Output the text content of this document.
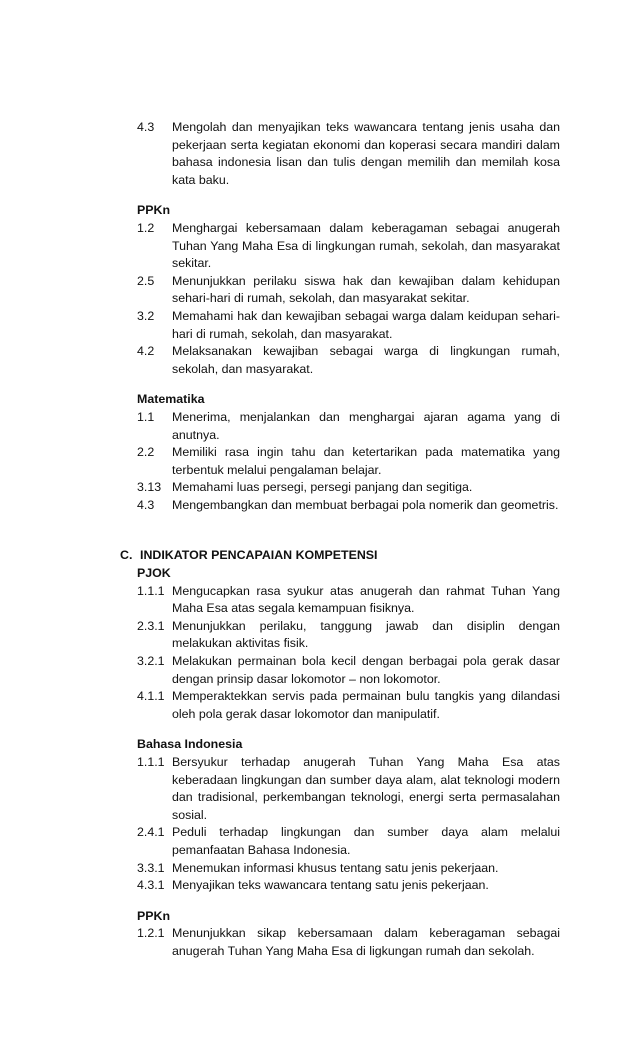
4.3	Mengolah dan menyajikan teks wawancara tentang jenis usaha dan pekerjaan serta kegiatan ekonomi dan koperasi secara mandiri dalam bahasa indonesia lisan dan tulis dengan memilih dan memilah kosa kata baku.
PPKn
1.2	Menghargai kebersamaan dalam keberagaman sebagai anugerah Tuhan Yang Maha Esa di lingkungan rumah, sekolah, dan masyarakat sekitar.
2.5	Menunjukkan perilaku siswa hak dan kewajiban dalam kehidupan sehari-hari di rumah, sekolah, dan masyarakat sekitar.
3.2	Memahami hak dan kewajiban sebagai warga dalam keidupan sehari-hari di rumah, sekolah, dan masyarakat.
4.2	Melaksanakan kewajiban sebagai warga di lingkungan rumah, sekolah, dan masyarakat.
Matematika
1.1	Menerima, menjalankan dan menghargai ajaran agama yang di anutnya.
2.2	Memiliki rasa ingin tahu dan ketertarikan pada matematika yang terbentuk melalui pengalaman belajar.
3.13 Memahami luas persegi, persegi panjang dan segitiga.
4.3	Mengembangkan dan membuat berbagai pola nomerik dan geometris.
C. INDIKATOR PENCAPAIAN KOMPETENSI
PJOK
1.1.1 Mengucapkan rasa syukur atas anugerah dan rahmat Tuhan Yang Maha Esa atas segala kemampuan fisiknya.
2.3.1 Menunjukkan perilaku, tanggung jawab dan disiplin dengan melakukan aktivitas fisik.
3.2.1 Melakukan permainan bola kecil dengan berbagai pola gerak dasar dengan prinsip dasar lokomotor – non lokomotor.
4.1.1 Memperaktekkan servis pada permainan bulu tangkis yang dilandasi oleh pola gerak dasar lokomotor dan manipulatif.
Bahasa Indonesia
1.1.1 Bersyukur terhadap anugerah Tuhan Yang Maha Esa atas keberadaan lingkungan dan sumber daya alam, alat teknologi modern dan tradisional, perkembangan teknologi, energi serta permasalahan sosial.
2.4.1 Peduli terhadap lingkungan dan sumber daya alam melalui pemanfaatan Bahasa Indonesia.
3.3.1 Menemukan informasi khusus tentang satu jenis pekerjaan.
4.3.1 Menyajikan teks wawancara tentang satu jenis pekerjaan.
PPKn
1.2.1 Menunjukkan sikap kebersamaan dalam keberagaman sebagai anugerah Tuhan Yang Maha Esa di ligkungan rumah dan sekolah.
